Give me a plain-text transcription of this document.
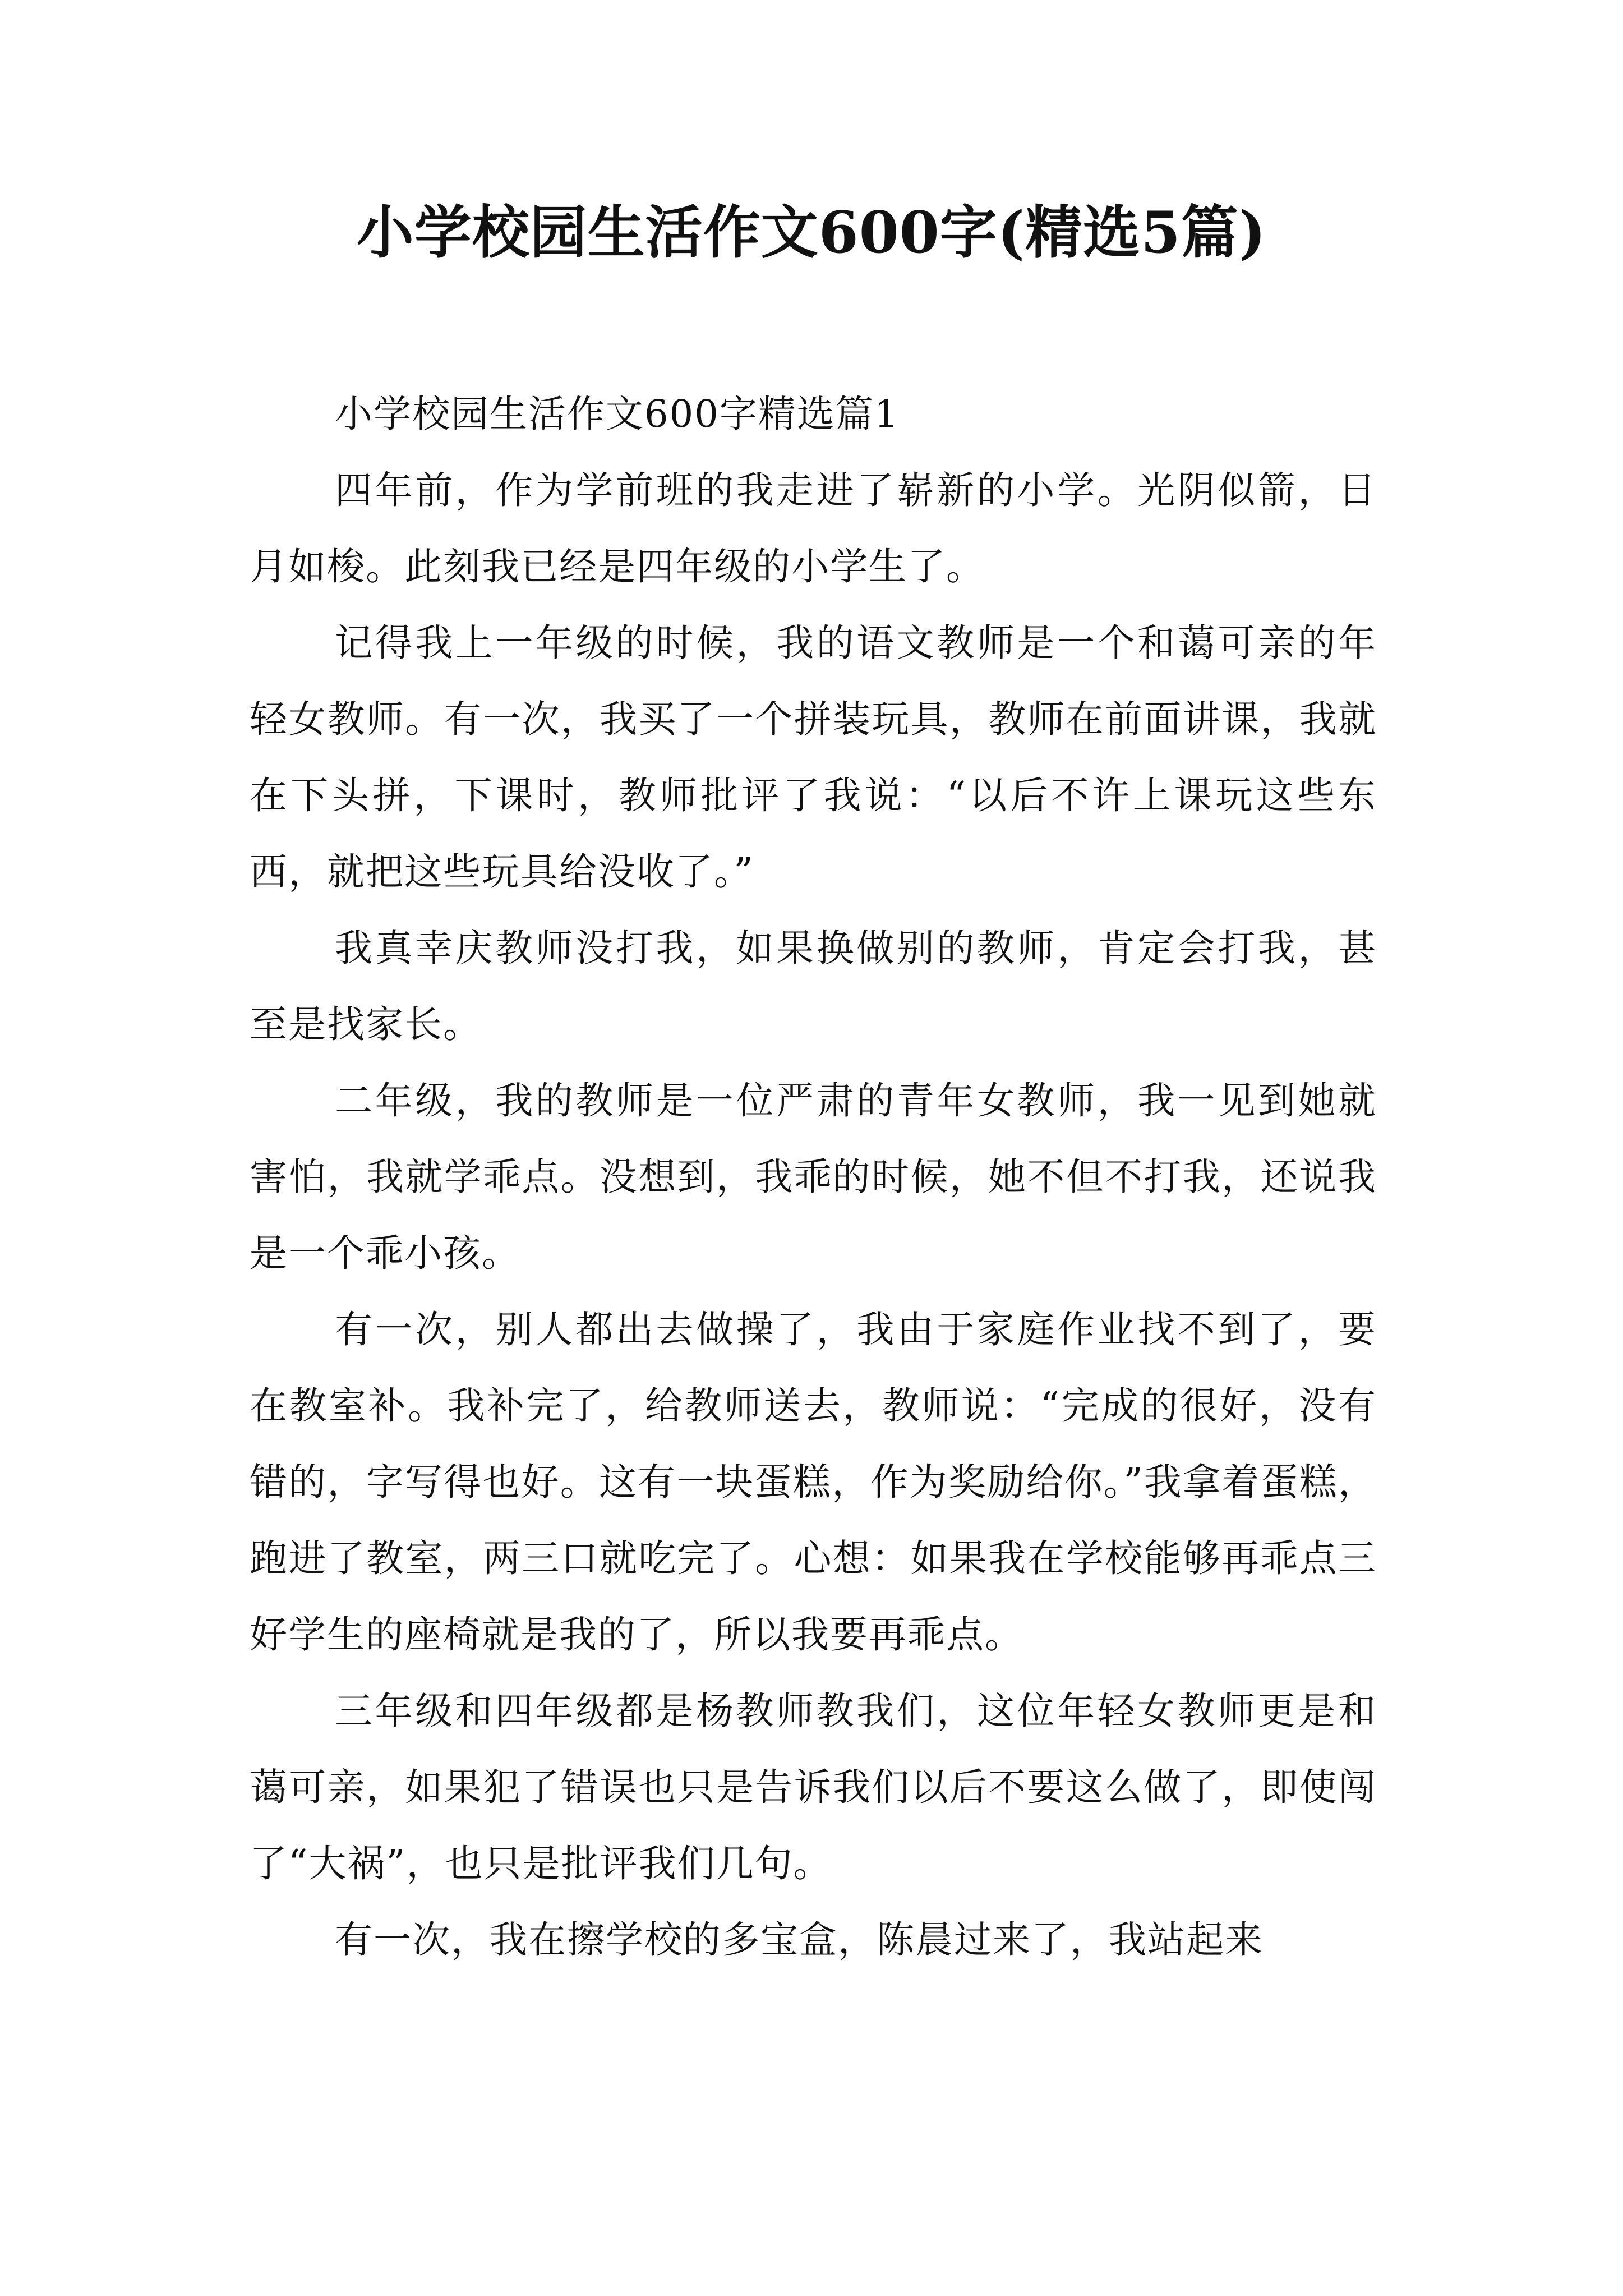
小学校园生活作文600字(精选5篇)

小学校园生活作文600字精选篇1

四年前，作为学前班的我走进了崭新的小学。光阴似箭，日月如梭。此刻我已经是四年级的小学生了。

记得我上一年级的时候，我的语文教师是一个和蔼可亲的年轻女教师。有一次，我买了一个拼装玩具，教师在前面讲课，我就在下头拼，下课时，教师批评了我说：“以后不许上课玩这些东西，就把这些玩具给没收了。”

我真幸庆教师没打我，如果换做别的教师，肯定会打我，甚至是找家长。

二年级，我的教师是一位严肃的青年女教师，我一见到她就害怕，我就学乖点。没想到，我乖的时候，她不但不打我，还说我是一个乖小孩。

有一次，别人都出去做操了，我由于家庭作业找不到了，要在教室补。我补完了，给教师送去，教师说：“完成的很好，没有错的，字写得也好。这有一块蛋糕，作为奖励给你。”我拿着蛋糕，跑进了教室，两三口就吃完了。心想：如果我在学校能够再乖点三好学生的座椅就是我的了，所以我要再乖点。

三年级和四年级都是杨教师教我们，这位年轻女教师更是和蔼可亲，如果犯了错误也只是告诉我们以后不要这么做了，即使闯了“大祸”，也只是批评我们几句。

有一次，我在擦学校的多宝盒，陈晨过来了，我站起来
